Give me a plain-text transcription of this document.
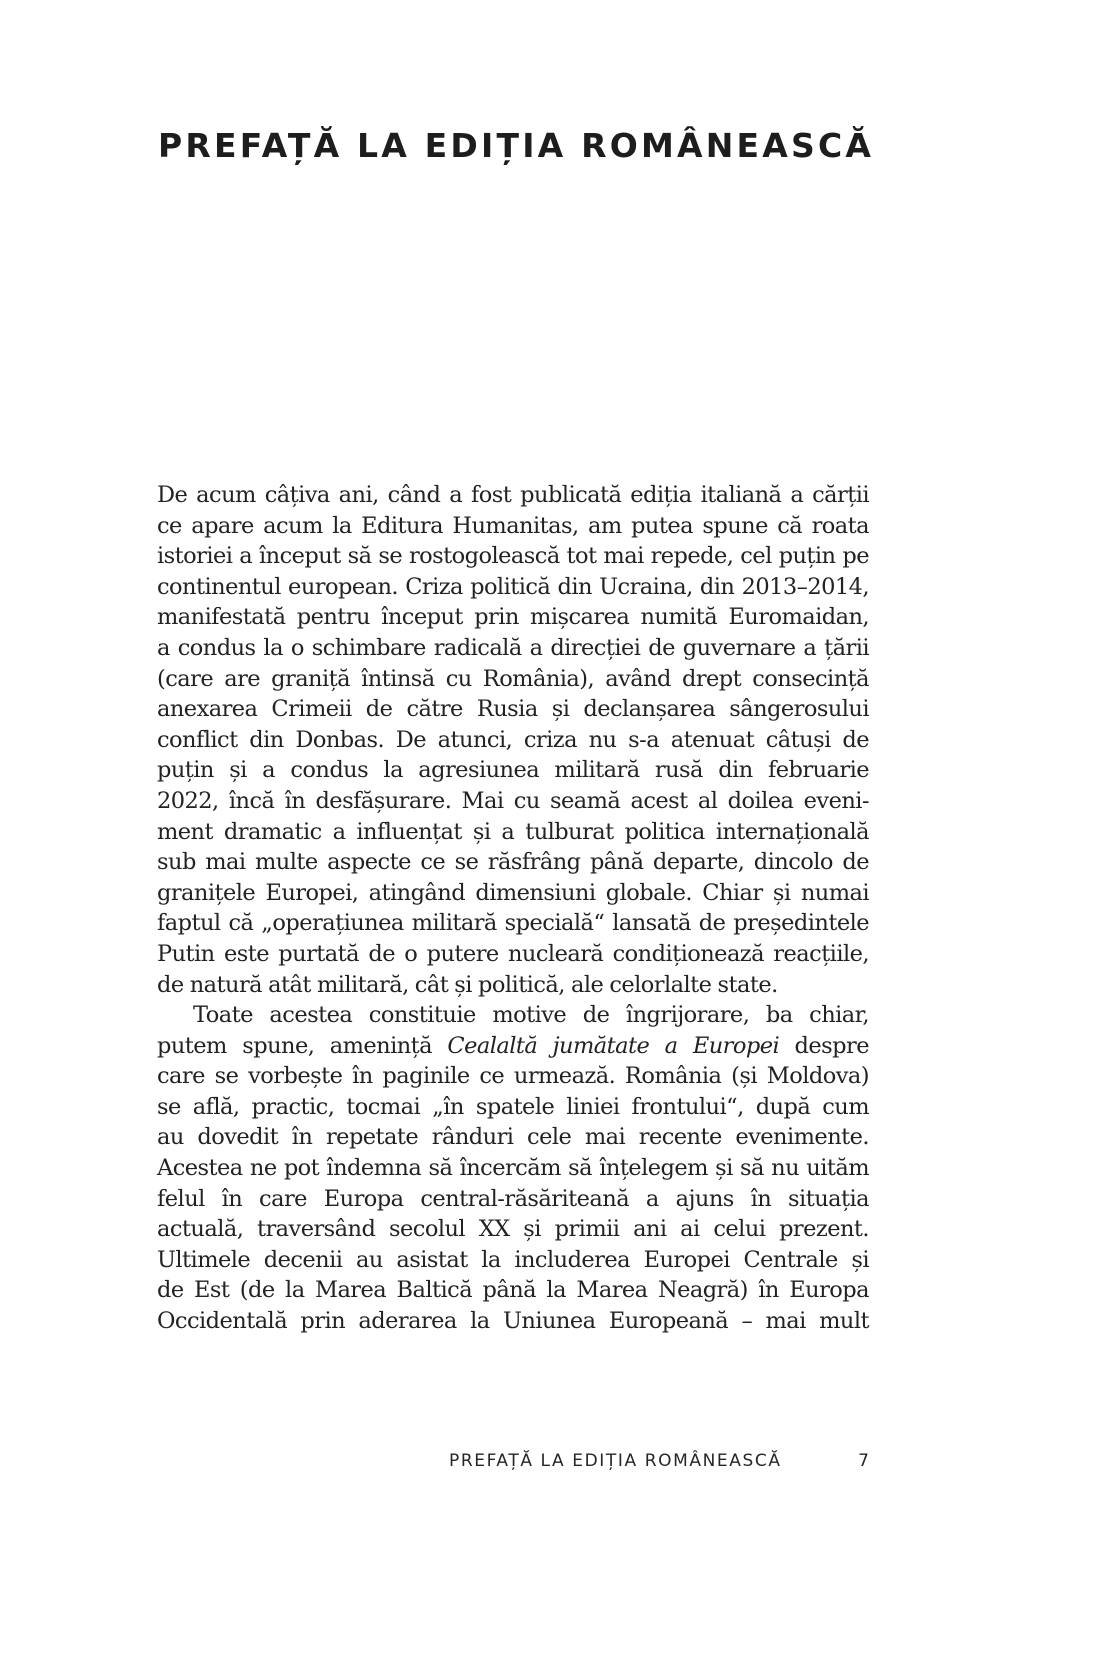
PREFAȚĂ LA EDIȚIA ROMÂNEASCĂ
De acum câțiva ani, când a fost publicată ediția italiană a cărții
ce apare acum la Editura Humanitas, am putea spune că roata
istoriei a început să se rostogolească tot mai repede, cel puțin pe
continentul european. Criza politică din Ucraina, din 2013–2014,
manifestată pentru început prin mișcarea numită Euromaidan,
a condus la o schimbare radicală a direcției de guvernare a țării
(care are graniță întinsă cu România), având drept consecință
anexarea Crimeii de către Rusia și declanșarea sângerosului
conflict din Donbas. De atunci, criza nu s-a atenuat câtuși de
puțin și a condus la agresiunea militară rusă din februarie
2022, încă în desfășurare. Mai cu seamă acest al doilea eveni-
ment dramatic a influențat și a tulburat politica internațională
sub mai multe aspecte ce se răsfrâng până departe, dincolo de
granițele Europei, atingând dimensiuni globale. Chiar și numai
faptul că „operațiunea militară specială“ lansată de președintele
Putin este purtată de o putere nucleară condiționează reacțiile,
de natură atât militară, cât și politică, ale celorlalte state.
Toate acestea constituie motive de îngrijorare, ba chiar,
putem spune, amenință Cealaltă jumătate a Europei despre
care se vorbește în paginile ce urmează. România (și Moldova)
se află, practic, tocmai „în spatele liniei frontului“, după cum
au dovedit în repetate rânduri cele mai recente evenimente.
Acestea ne pot îndemna să încercăm să înțelegem și să nu uităm
felul în care Europa central-răsăriteană a ajuns în situația
actuală, traversând secolul XX și primii ani ai celui prezent.
Ultimele decenii au asistat la includerea Europei Centrale și
de Est (de la Marea Baltică până la Marea Neagră) în Europa
Occidentală prin aderarea la Uniunea Europeană – mai mult
PREFAȚĂ LA EDIȚIA ROMÂNEASCĂ	7
